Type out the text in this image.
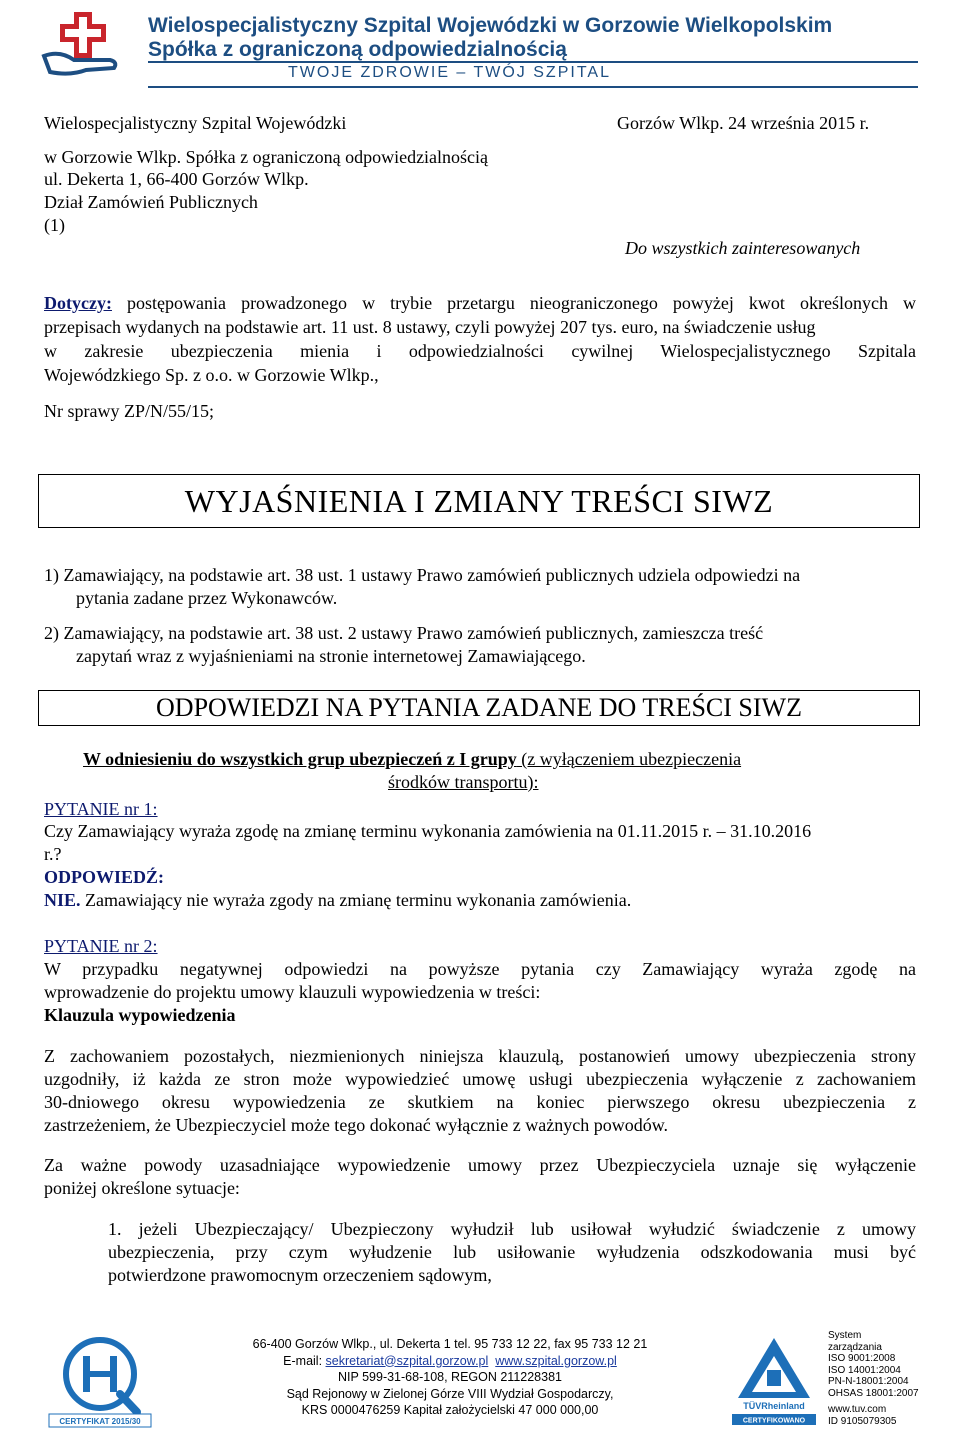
Wielospecjalistyczny Szpital Wojewódzki w Gorzowie Wielkopolskim
Spółka z ograniczoną odpowiedzialnością
TWOJE ZDROWIE – TWÓJ SZPITAL
Wielospecjalistyczny Szpital Wojewódzki
w Gorzowie Wlkp. Spółka z ograniczoną odpowiedzialnością
ul. Dekerta 1, 66-400 Gorzów Wlkp.
Dział Zamówień Publicznych
(1)
Gorzów Wlkp. 24 września 2015 r.
Do wszystkich zainteresowanych
Dotyczy: postępowania prowadzonego w trybie przetargu nieograniczonego powyżej kwot określonych w
przepisach wydanych na podstawie art. 11 ust. 8 ustawy, czyli powyżej 207 tys. euro, na świadczenie usług
w zakresie ubezpieczenia mienia i odpowiedzialności cywilnej Wielospecjalistycznego Szpitala
Wojewódzkiego Sp. z o.o. w Gorzowie Wlkp.,
Nr sprawy ZP/N/55/15;
WYJAŚNIENIA I ZMIANY TREŚCI SIWZ
1) Zamawiający, na podstawie art. 38 ust. 1 ustawy Prawo zamówień publicznych udziela odpowiedzi na
pytania zadane przez Wykonawców.
2) Zamawiający, na podstawie art. 38 ust. 2 ustawy Prawo zamówień publicznych, zamieszcza treść
zapytań wraz z wyjaśnieniami na stronie internetowej Zamawiającego.
ODPOWIEDZI NA PYTANIA ZADANE DO TREŚCI SIWZ
W odniesieniu do wszystkich grup ubezpieczeń z I grupy (z wyłączeniem ubezpieczenia
środków transportu):
PYTANIE nr 1:
Czy Zamawiający wyraża zgodę na zmianę terminu wykonania zamówienia na 01.11.2015 r. – 31.10.2016
r.?
ODPOWIEDŹ:
NIE. Zamawiający nie wyraża zgody na zmianę terminu wykonania zamówienia.
PYTANIE nr 2:
W przypadku negatywnej odpowiedzi na powyższe pytania czy Zamawiający wyraża zgodę na
wprowadzenie do projektu umowy klauzuli wypowiedzenia w treści:
Klauzula wypowiedzenia
Z zachowaniem pozostałych, niezmienionych niniejsza klauzulą, postanowień umowy ubezpieczenia strony
uzgodniły, iż każda ze stron może wypowiedzieć umowę usługi ubezpieczenia wyłączenie z zachowaniem
30-dniowego okresu wypowiedzenia ze skutkiem na koniec pierwszego okresu ubezpieczenia z
zastrzeżeniem, że Ubezpieczyciel może tego dokonać wyłącznie z ważnych powodów.
Za ważne powody uzasadniające wypowiedzenie umowy przez Ubezpieczyciela uznaje się wyłączenie
poniżej określone sytuacje:
1. jeżeli Ubezpieczający/ Ubezpieczony wyłudził lub usiłował wyłudzić świadczenie z umowy
ubezpieczenia, przy czym wyłudzenie lub usiłowanie wyłudzenia odszkodowania musi być
potwierdzone prawomocnym orzeczeniem sądowym,
CERTYFIKAT 2015/30
66-400 Gorzów Wlkp., ul. Dekerta 1 tel. 95 733 12 22, fax 95 733 12 21
E-mail: sekretariat@szpital.gorzow.pl www.szpital.gorzow.pl
NIP 599-31-68-108, REGON 211228381
Sąd Rejonowy w Zielonej Górze VIII Wydział Gospodarczy,
KRS 0000476259 Kapitał założycielski 47 000 000,00	TÜVRheinland
CERTYFIKOWANO
System
zarządzania
ISO 9001:2008
ISO 14001:2004
PN-N-18001:2004
OHSAS 18001:2007
www.tuv.com
ID 9105079305
